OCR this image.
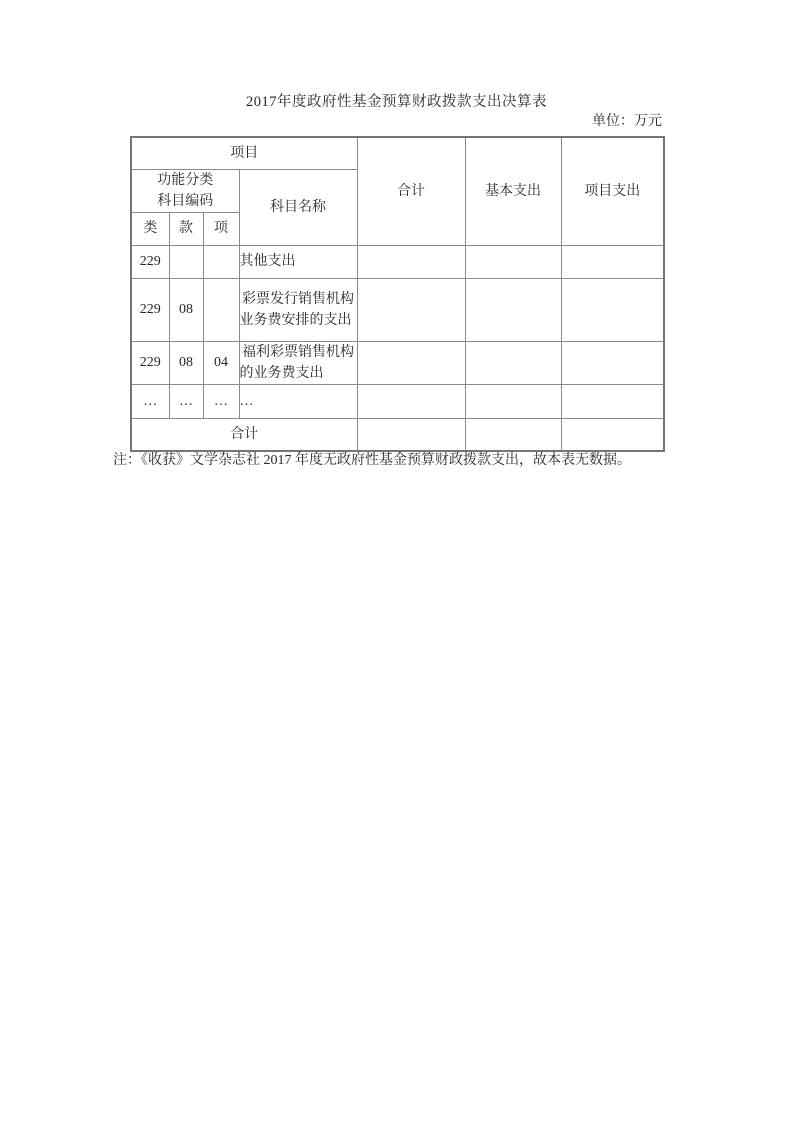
2017年度政府性基金预算财政拨款支出决算表
单位：万元
项目				合计	基本支出	项目支出

功能分类
科目编码			科目名称			
类	款	项				
229			其他支出			
229	08		彩票发行销售机构业务费安排的支出			
229	08	04	福利彩票销售机构的业务费支出			
…	…	…	…			
合计						
注：《收获》文学杂志社 2017 年度无政府性基金预算财政拨款支出，故本表无数据。
